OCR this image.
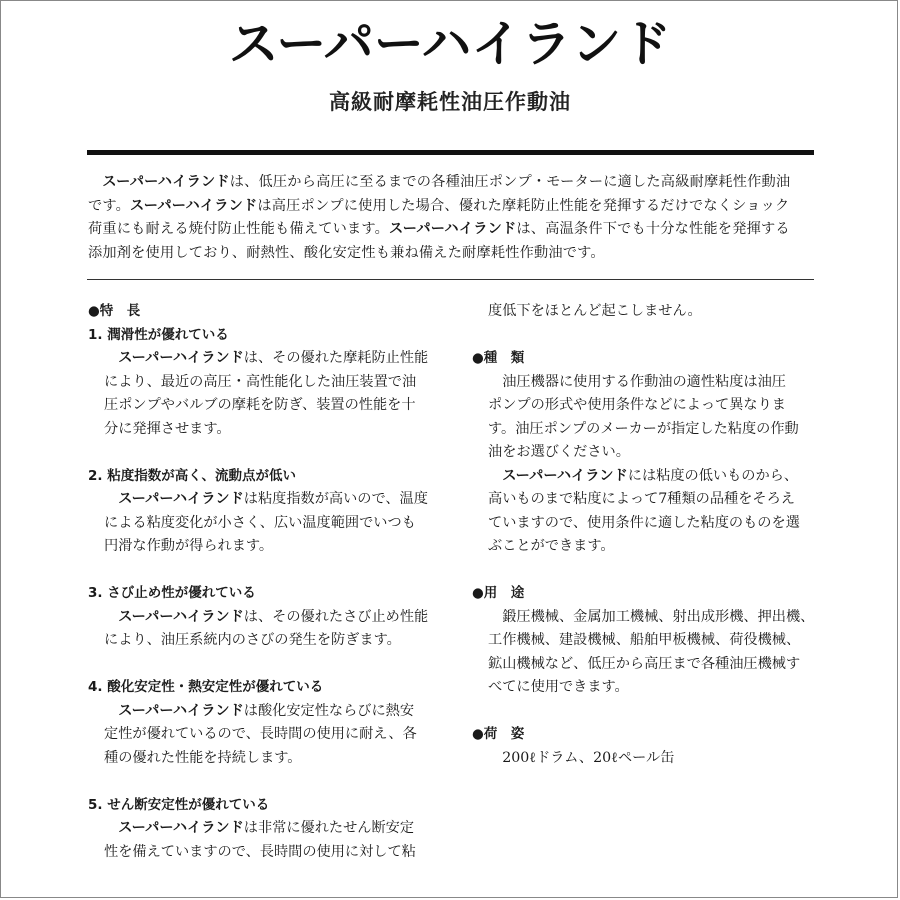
スーパーハイランド
高級耐摩耗性油圧作動油
　スーパーハイランドは、低圧から高圧に至るまでの各種油圧ポンプ・モーターに適した高級耐摩耗性作動油
です。スーパーハイランドは高圧ポンプに使用した場合、優れた摩耗防止性能を発揮するだけでなくショック
荷重にも耐える焼付防止性能も備えています。スーパーハイランドは、高温条件下でも十分な性能を発揮する
添加剤を使用しており、耐熱性、酸化安定性も兼ね備えた耐摩耗性作動油です。

●特　長

1. 潤滑性が優れている

　スーパーハイランドは、その優れた摩耗防止性能
により、最近の高圧・高性能化した油圧装置で油
圧ポンプやバルブの摩耗を防ぎ、装置の性能を十
分に発揮させます。

2. 粘度指数が高く、流動点が低い

　スーパーハイランドは粘度指数が高いので、温度
による粘度変化が小さく、広い温度範囲でいつも
円滑な作動が得られます。

3. さび止め性が優れている

　スーパーハイランドは、その優れたさび止め性能
により、油圧系統内のさびの発生を防ぎます。

4. 酸化安定性・熱安定性が優れている

　スーパーハイランドは酸化安定性ならびに熱安
定性が優れているので、長時間の使用に耐え、各
種の優れた性能を持続します。

5. せん断安定性が優れている

　スーパーハイランドは非常に優れたせん断安定
性を備えていますので、長時間の使用に対して粘
度低下をほとんど起こしません。

●種　類

　油圧機器に使用する作動油の適性粘度は油圧
ポンプの形式や使用条件などによって異なりま
す。油圧ポンプのメーカーが指定した粘度の作動
油をお選びください。
　スーパーハイランドには粘度の低いものから、
高いものまで粘度によって7種類の品種をそろえ
ていますので、使用条件に適した粘度のものを選
ぶことができます。

●用　途

　鍛圧機械、金属加工機械、射出成形機、押出機、
工作機械、建設機械、船舶甲板機械、荷役機械、
鉱山機械など、低圧から高圧まで各種油圧機械す
べてに使用できます。

●荷　姿

　200ℓドラム、20ℓペール缶
